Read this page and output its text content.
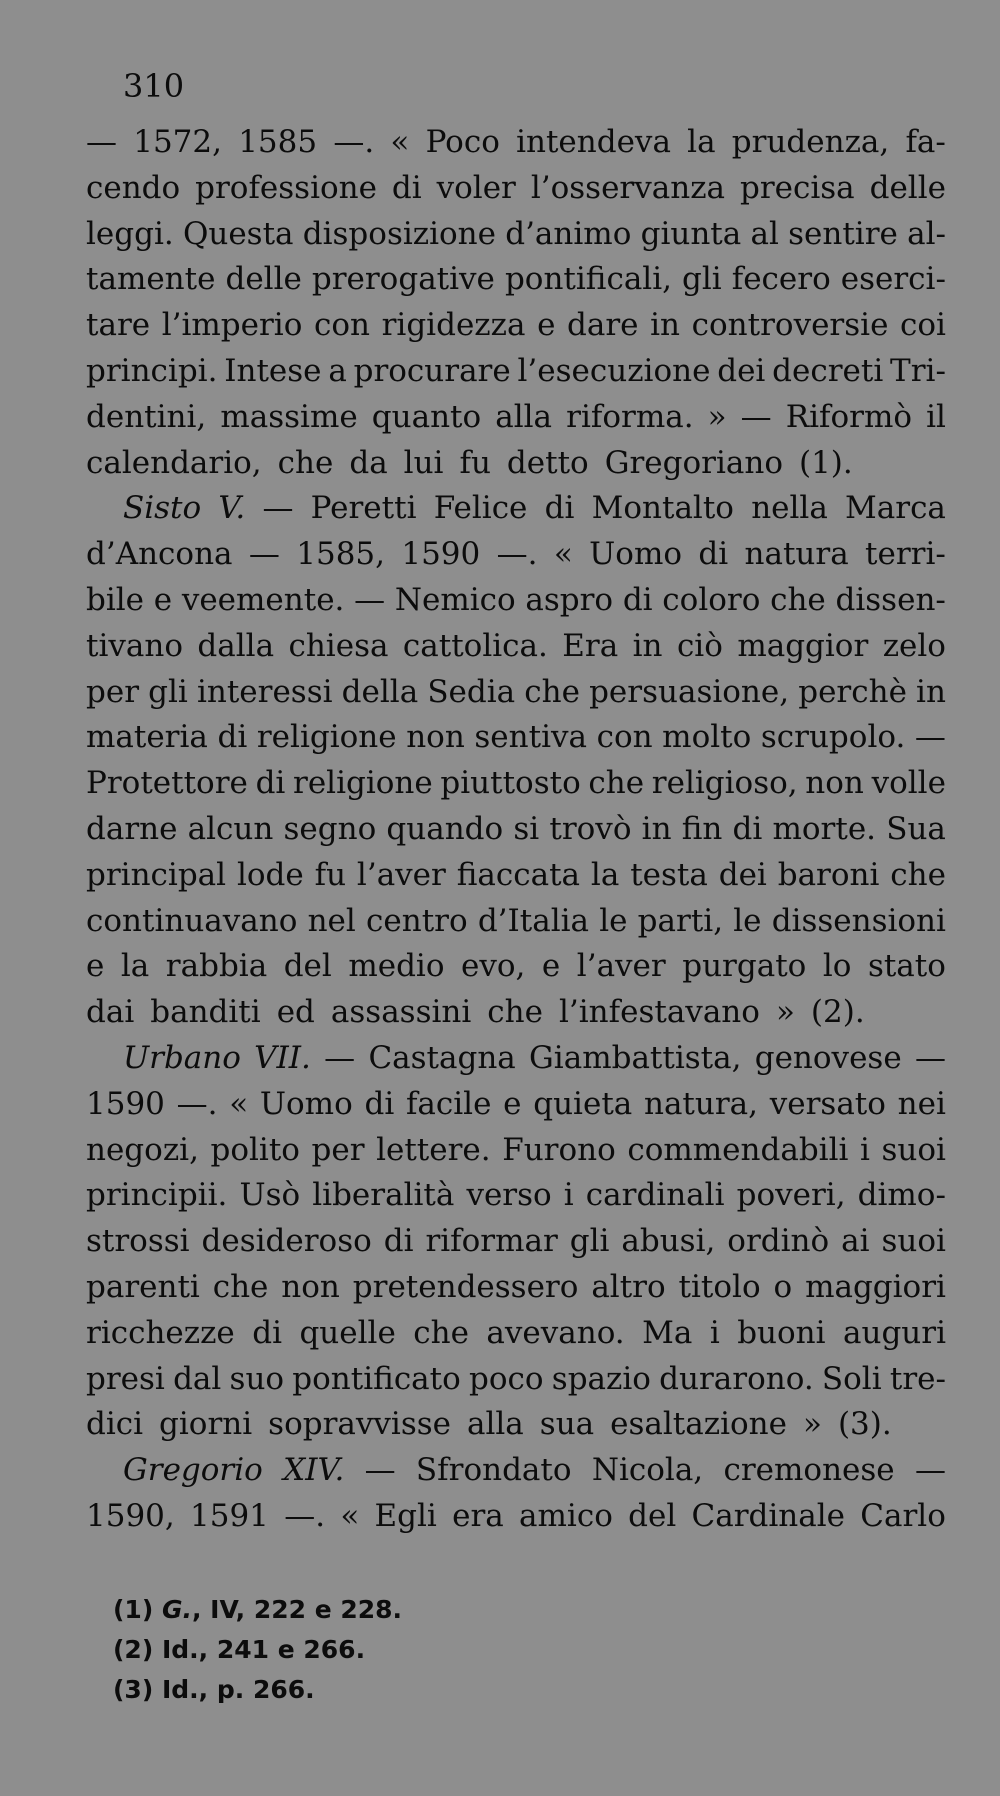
310
— 1572, 1585 —. « Poco intendeva la prudenza, fa-
cendo professione di voler l’osservanza precisa delle
leggi. Questa disposizione d’animo giunta al sentire al-
tamente delle prerogative pontificali, gli fecero eserci-
tare l’imperio con rigidezza e dare in controversie coi
principi. Intese a procurare l’esecuzione dei decreti Tri-
dentini, massime quanto alla riforma. » — Riformò il
calendario, che da lui fu detto Gregoriano (1).
Sisto V. — Peretti Felice di Montalto nella Marca
d’Ancona — 1585, 1590 —. « Uomo di natura terri-
bile e veemente. — Nemico aspro di coloro che dissen-
tivano dalla chiesa cattolica. Era in ciò maggior zelo
per gli interessi della Sedia che persuasione, perchè in
materia di religione non sentiva con molto scrupolo. —
Protettore di religione piuttosto che religioso, non volle
darne alcun segno quando si trovò in fin di morte. Sua
principal lode fu l’aver fiaccata la testa dei baroni che
continuavano nel centro d’Italia le parti, le dissensioni
e la rabbia del medio evo, e l’aver purgato lo stato
dai banditi ed assassini che l’infestavano » (2).
Urbano VII. — Castagna Giambattista, genovese —
1590 —. « Uomo di facile e quieta natura, versato nei
negozi, polito per lettere. Furono commendabili i suoi
principii. Usò liberalità verso i cardinali poveri, dimo-
strossi desideroso di riformar gli abusi, ordinò ai suoi
parenti che non pretendessero altro titolo o maggiori
ricchezze di quelle che avevano. Ma i buoni auguri
presi dal suo pontificato poco spazio durarono. Soli tre-
dici giorni sopravvisse alla sua esaltazione » (3).
Gregorio XIV. — Sfrondato Nicola, cremonese —
1590, 1591 —. « Egli era amico del Cardinale Carlo
(1) G., IV, 222 e 228.
(2) Id., 241 e 266.
(3) Id., p. 266.
